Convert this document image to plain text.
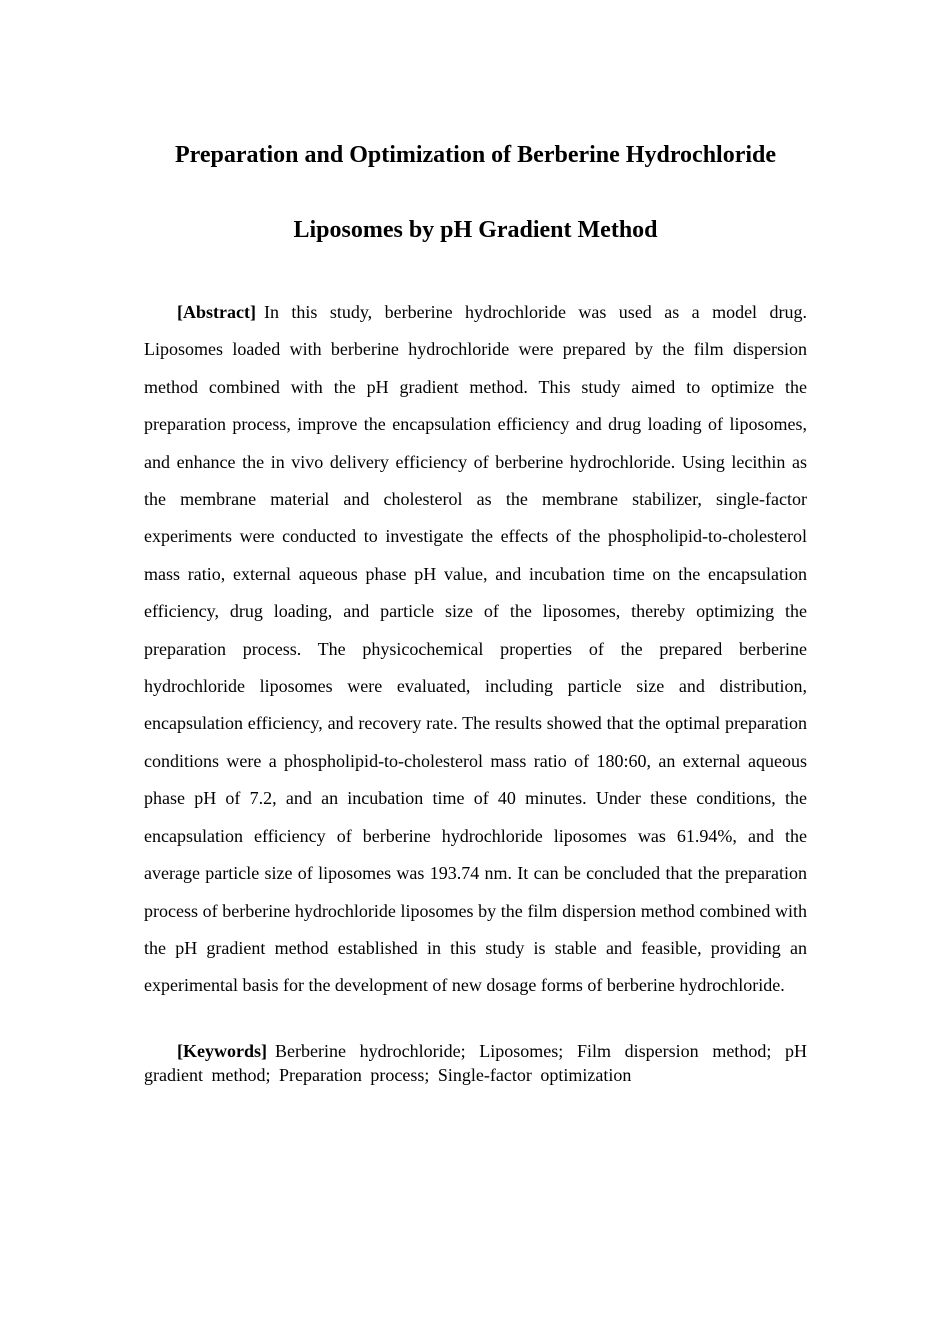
Preparation and Optimization of Berberine Hydrochloride
Liposomes by pH Gradient Method

[Abstract] In this study, berberine hydrochloride was used as a model drug. Liposomes loaded with berberine hydrochloride were prepared by the film dispersion method combined with the pH gradient method. This study aimed to optimize the preparation process, improve the encapsulation efficiency and drug loading of liposomes, and enhance the in vivo delivery efficiency of berberine hydrochloride. Using lecithin as the membrane material and cholesterol as the membrane stabilizer, single-factor experiments were conducted to investigate the effects of the phospholipid-to-cholesterol mass ratio, external aqueous phase pH value, and incubation time on the encapsulation efficiency, drug loading, and particle size of the liposomes, thereby optimizing the preparation process. The physicochemical properties of the prepared berberine hydrochloride liposomes were evaluated, including particle size and distribution, encapsulation efficiency, and recovery rate. The results showed that the optimal preparation conditions were a phospholipid-to-cholesterol mass ratio of 180:60, an external aqueous phase pH of 7.2, and an incubation time of 40 minutes. Under these conditions, the encapsulation efficiency of berberine hydrochloride liposomes was 61.94%, and the average particle size of liposomes was 193.74 nm. It can be concluded that the preparation process of berberine hydrochloride liposomes by the film dispersion method combined with the pH gradient method established in this study is stable and feasible, providing an experimental basis for the development of new dosage forms of berberine hydrochloride.

[Keywords] Berberine hydrochloride; Liposomes; Film dispersion method; pH gradient method; Preparation process; Single-factor optimization
